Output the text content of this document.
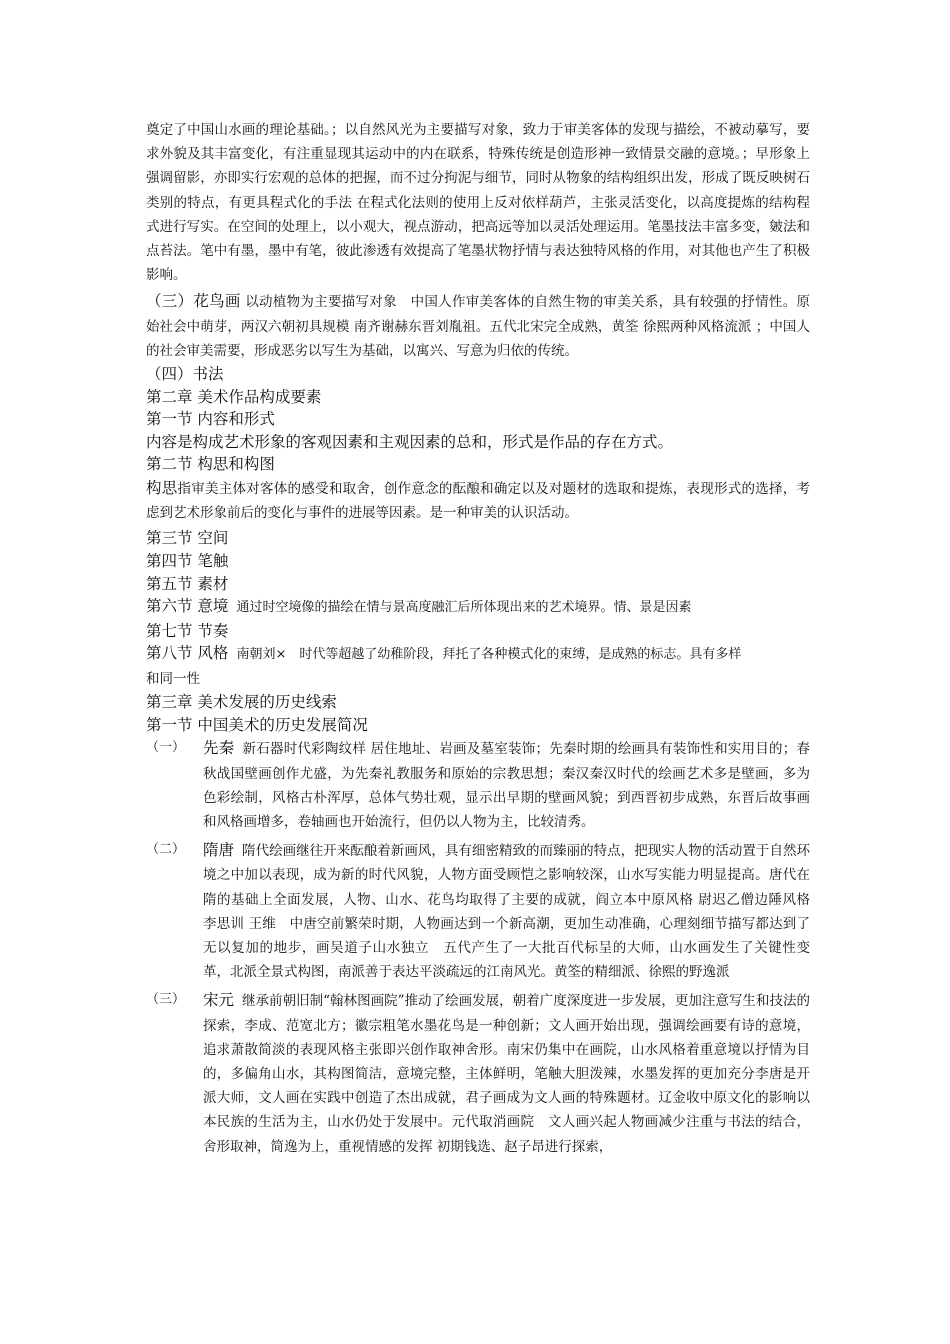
奠定了中国山水画的理论基础。；以自然风光为主要描写对象，致力于审美客体的发现与描绘，不被动摹写，要求外貌及其丰富变化，有注重显现其运动中的内在联系，特殊传统是创造形神一致情景交融的意境。；早形象上强调留影，亦即实行宏观的总体的把握，而不过分拘泥与细节，同时从物象的结构组织出发，形成了既反映树石类别的特点，有更具程式化的手法 在程式化法则的使用上反对依样葫芦，主张灵活变化，以高度提炼的结构程式进行写实。在空间的处理上，以小观大，视点游动，把高远等加以灵活处理运用。笔墨技法丰富多变，皴法和点苔法。笔中有墨，墨中有笔，彼此渗透有效提高了笔墨状物抒情与表达独特风格的作用，对其他也产生了积极影响。

（三）花鸟画 以动植物为主要描写对象　中国人作审美客体的自然生物的审美关系，具有较强的抒情性。原始社会中萌芽，两汉六朝初具规模 南齐谢赫东晋刘胤祖。五代北宋完全成熟，黄筌 徐熙两种风格流派 ；中国人的社会审美需要，形成恶劣以写生为基础，以寓兴、写意为归依的传统。

（四）书法

第二章 美术作品构成要素

第一节 内容和形式

内容是构成艺术形象的客观因素和主观因素的总和，形式是作品的存在方式。

第二节 构思和构图

构思指审美主体对客体的感受和取舍，创作意念的酝酿和确定以及对题材的选取和提炼，表现形式的选择，考虑到艺术形象前后的变化与事件的进展等因素。是一种审美的认识活动。

第三节 空间

第四节 笔触

第五节 素材

第六节 意境 通过时空境像的描绘在情与景高度融汇后所体现出来的艺术境界。情、景是因素

第七节 节奏

第八节 风格 南朝刘×　时代等超越了幼稚阶段，拜托了各种模式化的束缚，是成熟的标志。具有多样

和同一性

第三章 美术发展的历史线索

第一节 中国美术的历史发展简况

（一） 先秦 新石器时代彩陶纹样 居住地址、岩画及墓室装饰；先秦时期的绘画具有装饰性和实用目的；春秋战国壁画创作尤盛，为先秦礼教服务和原始的宗教思想；秦汉秦汉时代的绘画艺术多是壁画，多为色彩绘制，风格古朴浑厚，总体气势壮观，显示出早期的壁画风貌；到西晋初步成熟，东晋后故事画和风格画增多，卷轴画也开始流行，但仍以人物为主，比较清秀。
（二） 隋唐 隋代绘画继往开来酝酿着新画风，具有细密精致的而臻丽的特点，把现实人物的活动置于自然环境之中加以表现，成为新的时代风貌，人物方面受顾恺之影响较深，山水写实能力明显提高。唐代在隋的基础上全面发展，人物、山水、花鸟均取得了主要的成就，阎立本中原风格 尉迟乙僧边陲风格　李思训 王维　中唐空前繁荣时期，人物画达到一个新高潮，更加生动准确，心理刻细节描写都达到了无以复加的地步，画吴道子山水独立　五代产生了一大批百代标呈的大师，山水画发生了关键性变革，北派全景式构图，南派善于表达平淡疏远的江南风光。黄筌的精细派、徐熙的野逸派
（三） 宋元 继承前朝旧制“翰林图画院”推动了绘画发展，朝着广度深度进一步发展，更加注意写生和技法的探索，李成、范宽北方；徽宗粗笔水墨花鸟是一种创新；文人画开始出现，强调绘画要有诗的意境，追求萧散简淡的表现风格主张即兴创作取神舍形。南宋仍集中在画院，山水风格着重意境以抒情为目的，多偏角山水，其构图简洁，意境完整，主体鲜明，笔触大胆泼辣，水墨发挥的更加充分李唐是开派大师，文人画在实践中创造了杰出成就，君子画成为文人画的特殊题材。辽金收中原文化的影响以本民族的生活为主，山水仍处于发展中。元代取消画院　文人画兴起人物画减少注重与书法的结合，舍形取神，简逸为上，重视情感的发挥 初期钱选、赵子昂进行探索，
